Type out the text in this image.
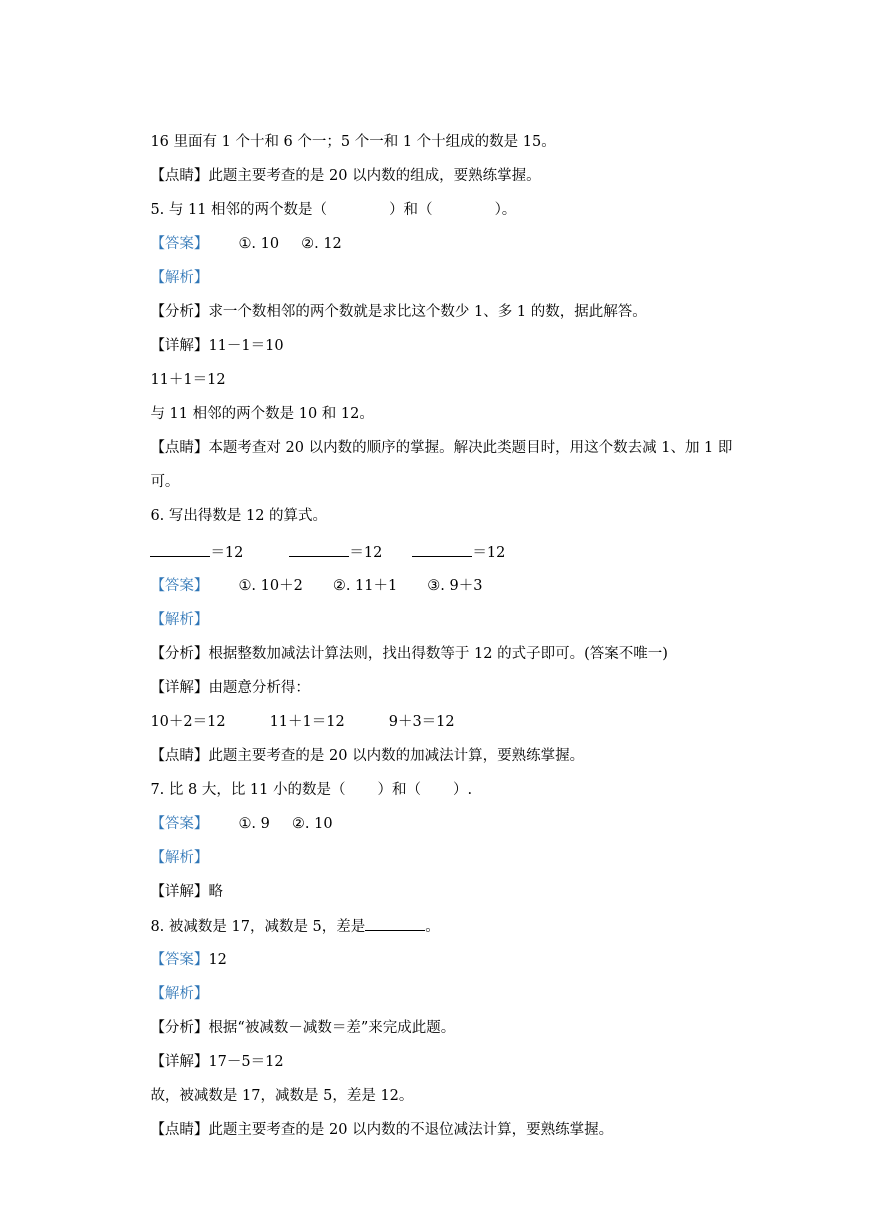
16 里面有 1 个十和 6 个一；5 个一和 1 个十组成的数是 15。

【点睛】此题主要考查的是 20 以内数的组成，要熟练掌握。

5. 与 11 相邻的两个数是（	）和（	）。

【答案】 ①. 10 ②. 12

【解析】

【分析】求一个数相邻的两个数就是求比这个数少 1、多 1 的数，据此解答。

【详解】11－1＝10

11＋1＝12

与 11 相邻的两个数是 10 和 12。

【点睛】本题考查对 20 以内数的顺序的掌握。解决此类题目时，用这个数去减 1、加 1 即

可。

6. 写出得数是 12 的算式。

＝12	＝12	＝12

【答案】 ①. 10＋2 ②. 11＋1 ③. 9＋3

【解析】

【分析】根据整数加减法计算法则，找出得数等于 12 的式子即可。(答案不唯一)

【详解】由题意分析得：

10＋2＝12	11＋1＝12	9＋3＝12

【点睛】此题主要考查的是 20 以内数的加减法计算，要熟练掌握。

7. 比 8 大，比 11 小的数是（ ）和（ ）.

【答案】 ①. 9 ②. 10

【解析】

【详解】略

8. 被减数是 17，减数是 5，差是	。

【答案】12

【解析】

【分析】根据“被减数－减数＝差”来完成此题。

【详解】17－5＝12

故，被减数是 17，减数是 5，差是 12。

【点睛】此题主要考查的是 20 以内数的不退位减法计算，要熟练掌握。
